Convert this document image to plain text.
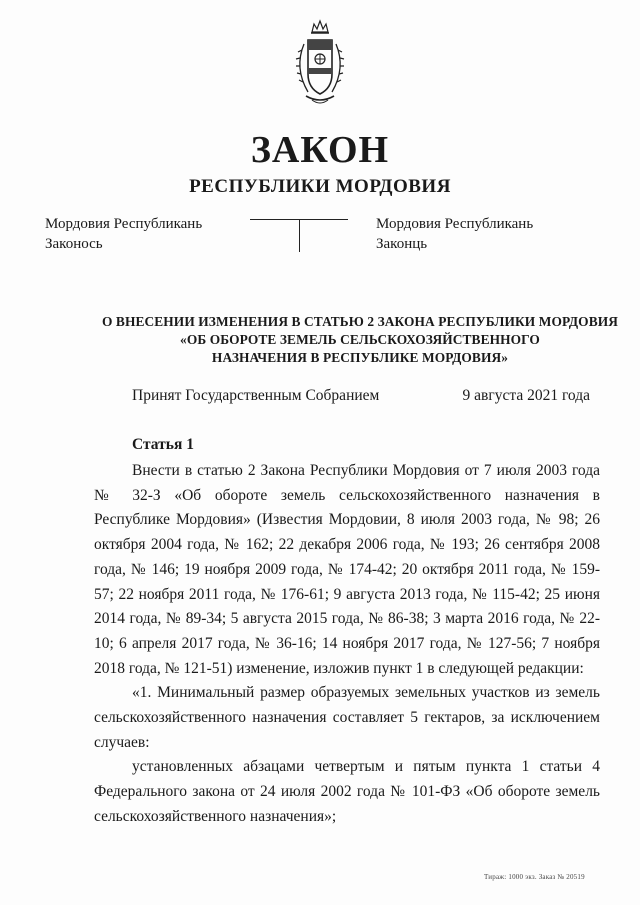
ЗАКОН
РЕСПУБЛИКИ МОРДОВИЯ
Мордовия Республикань
Законось
Мордовия Республикань
Законць
О ВНЕСЕНИИ ИЗМЕНЕНИЯ В СТАТЬЮ 2 ЗАКОНА РЕСПУБЛИКИ МОРДОВИЯ
«ОБ ОБОРОТЕ ЗЕМЕЛЬ СЕЛЬСКОХОЗЯЙСТВЕННОГО
НАЗНАЧЕНИЯ В РЕСПУБЛИКЕ МОРДОВИЯ»
Принят Государственным Собранием	9 августа 2021 года
Статья 1

Внести в статью 2 Закона Республики Мордовия от 7 июля 2003 года № 32-З «Об обороте земель сельскохозяйственного назначения в Республике Мордовия» (Известия Мордовии, 8 июля 2003 года, № 98; 26 октября 2004 года, № 162; 22 декабря 2006 года, № 193; 26 сентября 2008 года, № 146; 19 ноября 2009 года, № 174-42; 20 октября 2011 года, № 159-57; 22 ноября 2011 года, № 176-61; 9 августа 2013 года, № 115-42; 25 июня 2014 года, № 89-34; 5 августа 2015 года, № 86-38; 3 марта 2016 года, № 22-10; 6 апреля 2017 года, № 36-16; 14 ноября 2017 года, № 127-56; 7 ноября 2018 года, № 121-51) изменение, изложив пункт 1 в следующей редакции:

«1. Минимальный размер образуемых земельных участков из земель сельскохозяйственного назначения составляет 5 гектаров, за исключением случаев:

установленных абзацами четвертым и пятым пункта 1 статьи 4 Федерального закона от 24 июля 2002 года № 101-ФЗ «Об обороте земель сельскохозяйственного назначения»;

Тираж: 1000 экз. Заказ № 20519
